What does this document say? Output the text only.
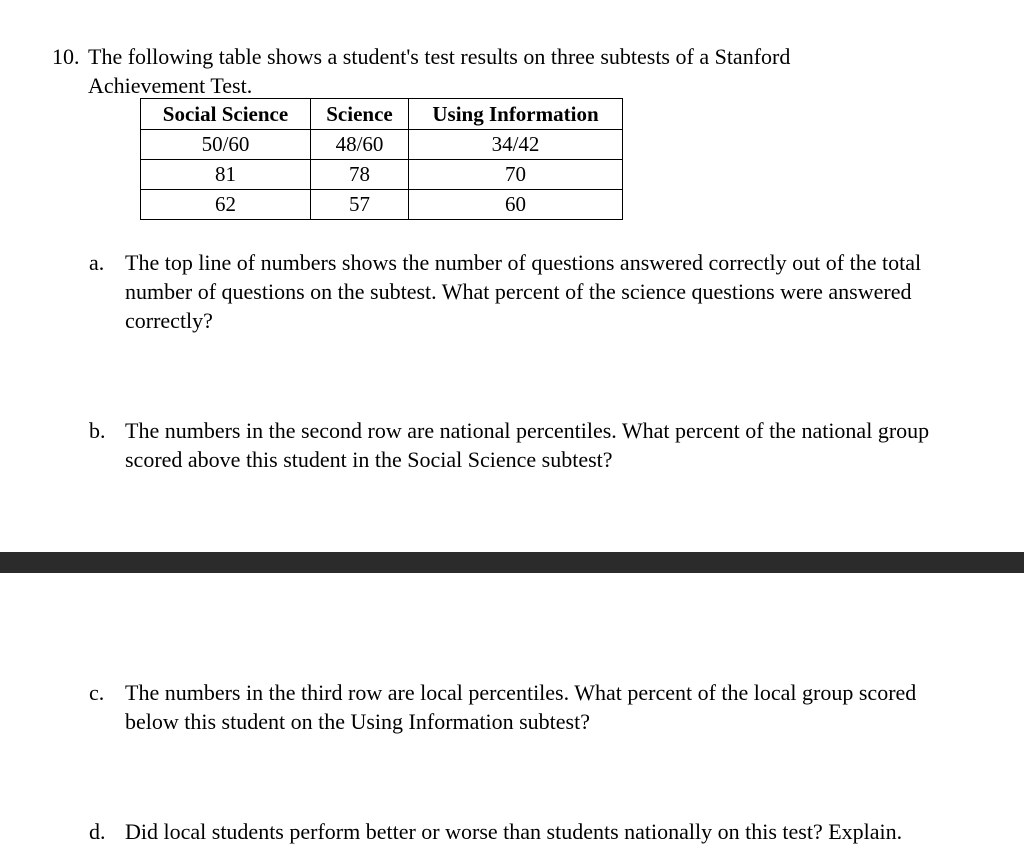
10. The following table shows a student's test results on three subtests of a Stanford
Achievement Test.

Social Science	Science	Using Information
50/60	48/60	34/42
81	78	70
62	57	60
a. The top line of numbers shows the number of questions answered correctly out of the total number of questions on the subtest. What percent of the science questions were answered correctly?
b. The numbers in the second row are national percentiles. What percent of the national group scored above this student in the Social Science subtest?
c. The numbers in the third row are local percentiles. What percent of the local group scored below this student on the Using Information subtest?
d. Did local students perform better or worse than students nationally on this test? Explain.
